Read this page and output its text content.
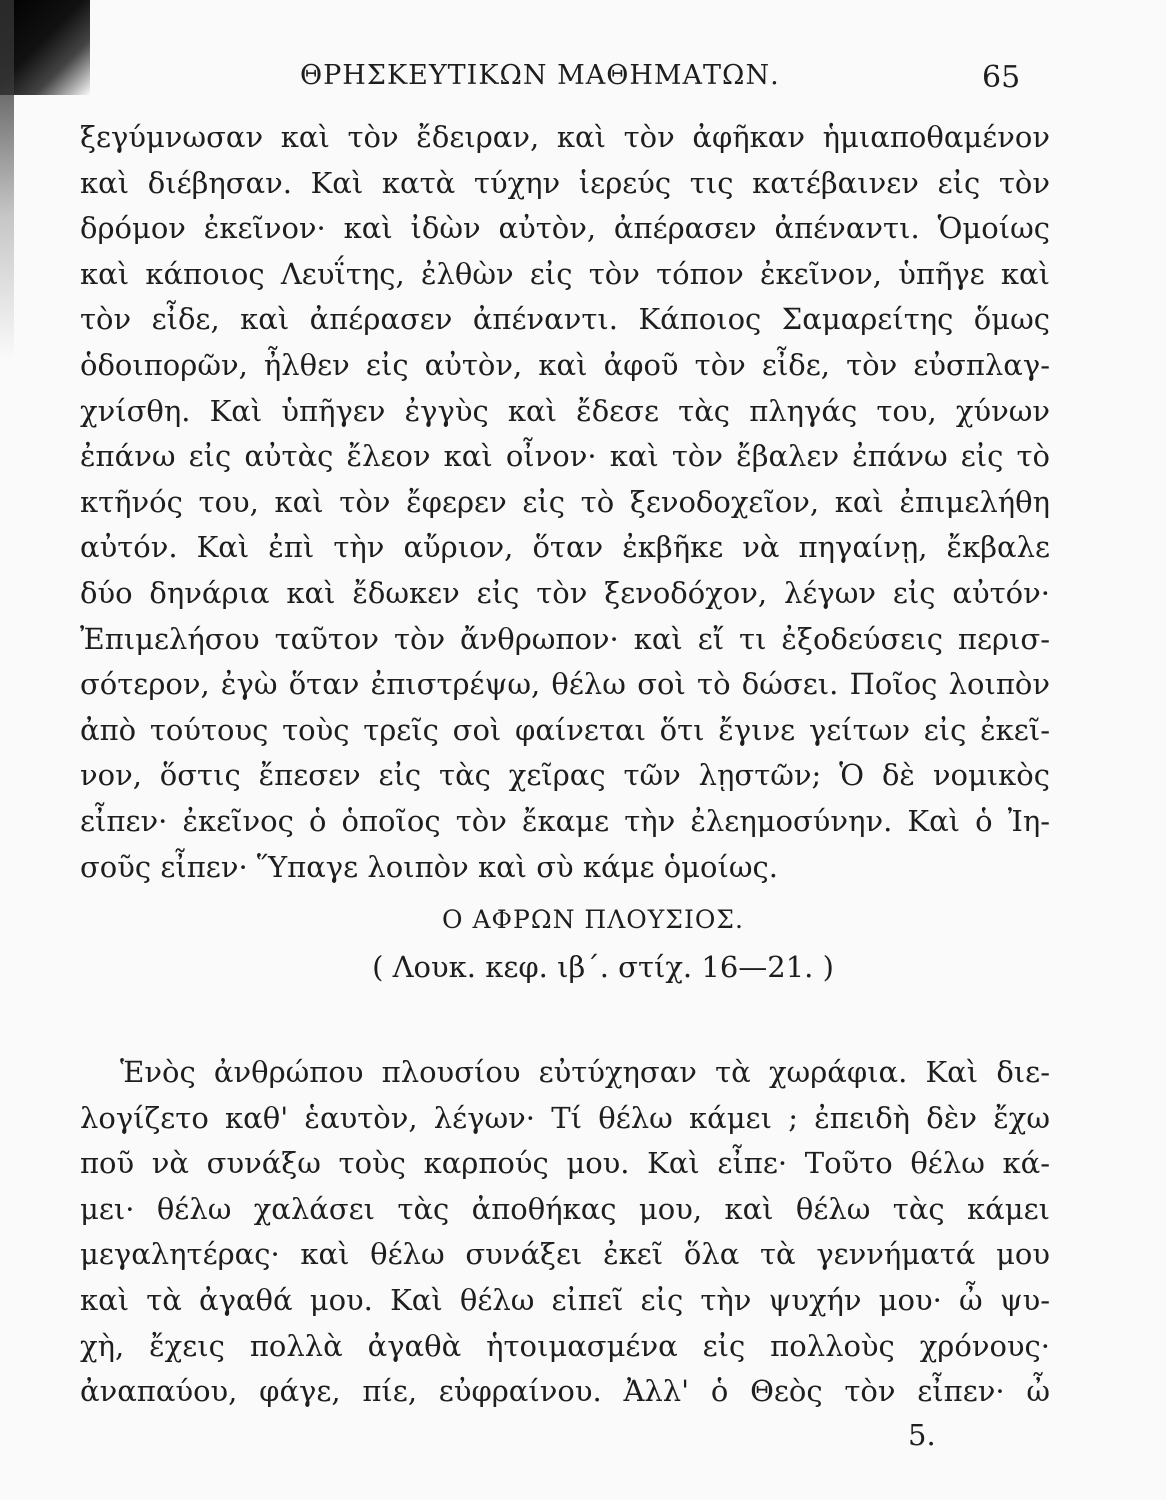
ΘΡΗΣΚΕΥΤΙΚΩΝ ΜΑΘΗΜΑΤΩΝ.	65
ξεγύμνωσαν καὶ τὸν ἔδειραν, καὶ τὸν ἀφῆκαν ἡμιαποθαμένον
καὶ διέβησαν. Καὶ κατὰ τύχην ἱερεύς τις κατέβαινεν εἰς τὸν
δρόμον ἐκεῖνον· καὶ ἰδὼν αὐτὸν, ἀπέρασεν ἀπέναντι. Ὁμοίως
καὶ κάποιος Λευΐτης, ἐλθὼν εἰς τὸν τόπον ἐκεῖνον, ὑπῆγε καὶ
τὸν εἶδε, καὶ ἀπέρασεν ἀπέναντι. Κάποιος Σαμαρείτης ὅμως
ὁδοιπορῶν, ἦλθεν εἰς αὐτὸν, καὶ ἀφοῦ τὸν εἶδε, τὸν εὐσπλαγ-
χνίσθη. Καὶ ὑπῆγεν ἐγγὺς καὶ ἔδεσε τὰς πληγάς του, χύνων
ἐπάνω εἰς αὐτὰς ἔλεον καὶ οἶνον· καὶ τὸν ἔβαλεν ἐπάνω εἰς τὸ
κτῆνός του, καὶ τὸν ἔφερεν εἰς τὸ ξενοδοχεῖον, καὶ ἐπιμελήθη
αὐτόν. Καὶ ἐπὶ τὴν αὔριον, ὅταν ἐκβῆκε νὰ πηγαίνῃ, ἔκβαλε
δύο δηνάρια καὶ ἔδωκεν εἰς τὸν ξενοδόχον, λέγων εἰς αὐτόν·
Ἐπιμελήσου ταῦτον τὸν ἄνθρωπον· καὶ εἴ τι ἐξοδεύσεις περισ-
σότερον, ἐγὼ ὅταν ἐπιστρέψω, θέλω σοὶ τὸ δώσει. Ποῖος λοιπὸν
ἀπὸ τούτους τοὺς τρεῖς σοὶ φαίνεται ὅτι ἔγινε γείτων εἰς ἐκεῖ-
νον, ὅστις ἔπεσεν εἰς τὰς χεῖρας τῶν λῃστῶν; Ὁ δὲ νομικὸς
εἶπεν· ἐκεῖνος ὁ ὁποῖος τὸν ἔκαμε τὴν ἐλεημοσύνην. Καὶ ὁ Ἰη-
σοῦς εἶπεν· Ὕπαγε λοιπὸν καὶ σὺ κάμε ὁμοίως.
Ο ΑΦΡΩΝ ΠΛΟΥΣΙΟΣ.
( Λουκ. κεφ. ιβ΄. στίχ. 16—21. )
Ἑνὸς ἀνθρώπου πλουσίου εὐτύχησαν τὰ χωράφια. Καὶ διε-
λογίζετο καθ' ἑαυτὸν, λέγων· Τί θέλω κάμει ; ἐπειδὴ δὲν ἔχω
ποῦ νὰ συνάξω τοὺς καρπούς μου. Καὶ εἶπε· Τοῦτο θέλω κά-
μει· θέλω χαλάσει τὰς ἀποθήκας μου, καὶ θέλω τὰς κάμει
μεγαλητέρας· καὶ θέλω συνάξει ἐκεῖ ὅλα τὰ γεννήματά μου
καὶ τὰ ἀγαθά μου. Καὶ θέλω εἰπεῖ εἰς τὴν ψυχήν μου· ὦ ψυ-
χὴ, ἔχεις πολλὰ ἀγαθὰ ἡτοιμασμένα εἰς πολλοὺς χρόνους·
ἀναπαύου, φάγε, πίε, εὐφραίνου. Ἀλλ' ὁ Θεὸς τὸν εἶπεν· ὦ
5.
